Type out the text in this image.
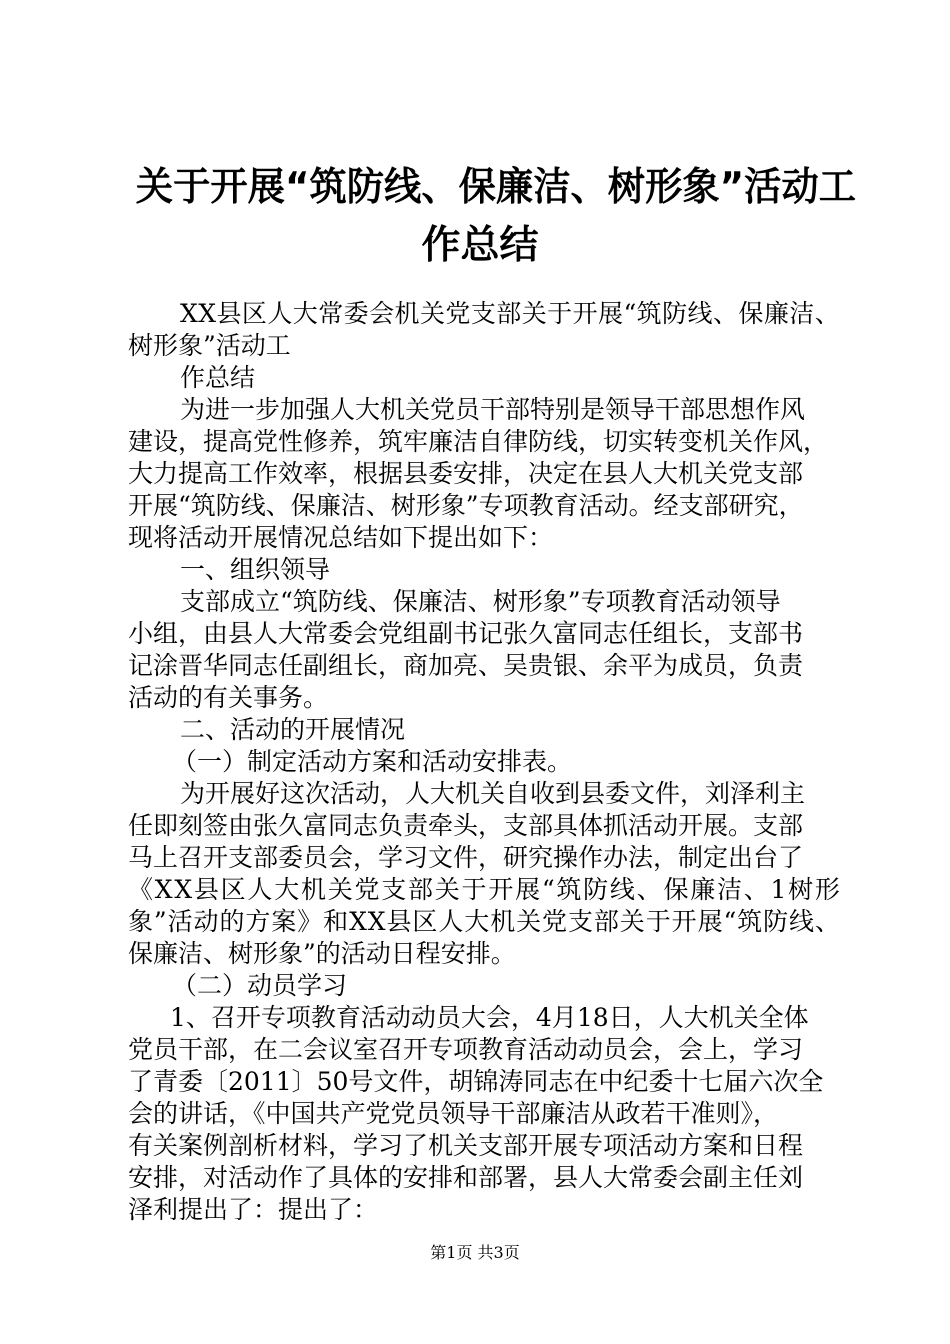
关于开展“筑防线、保廉洁、树形象”活动工
作总结

X X 县 区 人 大 常 委 会 机 关 党 支 部 关 于 开 展 “ 筑 防 线 、 保 廉 洁 、

树形象”活动工

作总结

为进一步加强人大机关党员干部特别是领导干部思想作风

建设，提高党性修养，筑牢廉洁自律防线，切实转变机关作风，

大力提高工作效率，根据县委安排，决定在县人大机关党支部

开展“筑防线、保廉洁、树形象”专项教育活动。经支部研究，

现将活动开展情况总结如下提出如下：

一、组织领导

支部成立“筑防线、保廉洁、树形象”专项教育活动领导

小组，由县人大常委会党组副书记张久富同志任组长，支部书

记涂晋华同志任副组长，商加亮、吴贵银、余平为成员，负责

活动的有关事务。

二、活动的开展情况

（一）制定活动方案和活动安排表。

为开展好这次活动，人大机关自收到县委文件，刘泽利主

任即刻签由张久富同志负责牵头，支部具体抓活动开展。支部

马上召开支部委员会，学习文件，研究操作办法，制定出台了

《 X X 县 区 人 大 机 关 党 支 部 关 于 开 展 “ 筑 防 线 、 保 廉 洁 、 1 树 形

象 ” 活 动 的 方 案 》 和 X X 县 区 人 大 机 关 党 支 部 关 于 开 展 “ 筑 防 线 、

保廉洁、树形象”的活动日程安排。

（二）动员学习

1、召开专项教育活动动员大会，4月18日，人大机关全体

党员干部，在二会议室召开专项教育活动动员会，会上，学习

了青委〔2011〕50号文件，胡锦涛同志在中纪委十七届六次全

会的讲话，《中国共产党党员领导干部廉洁从政若干准则》，

有关案例剖析材料，学习了机关支部开展专项活动方案和日程

安排，对活动作了具体的安排和部署，县人大常委会副主任刘

泽利提出了：提出了：

第1页 共3页
